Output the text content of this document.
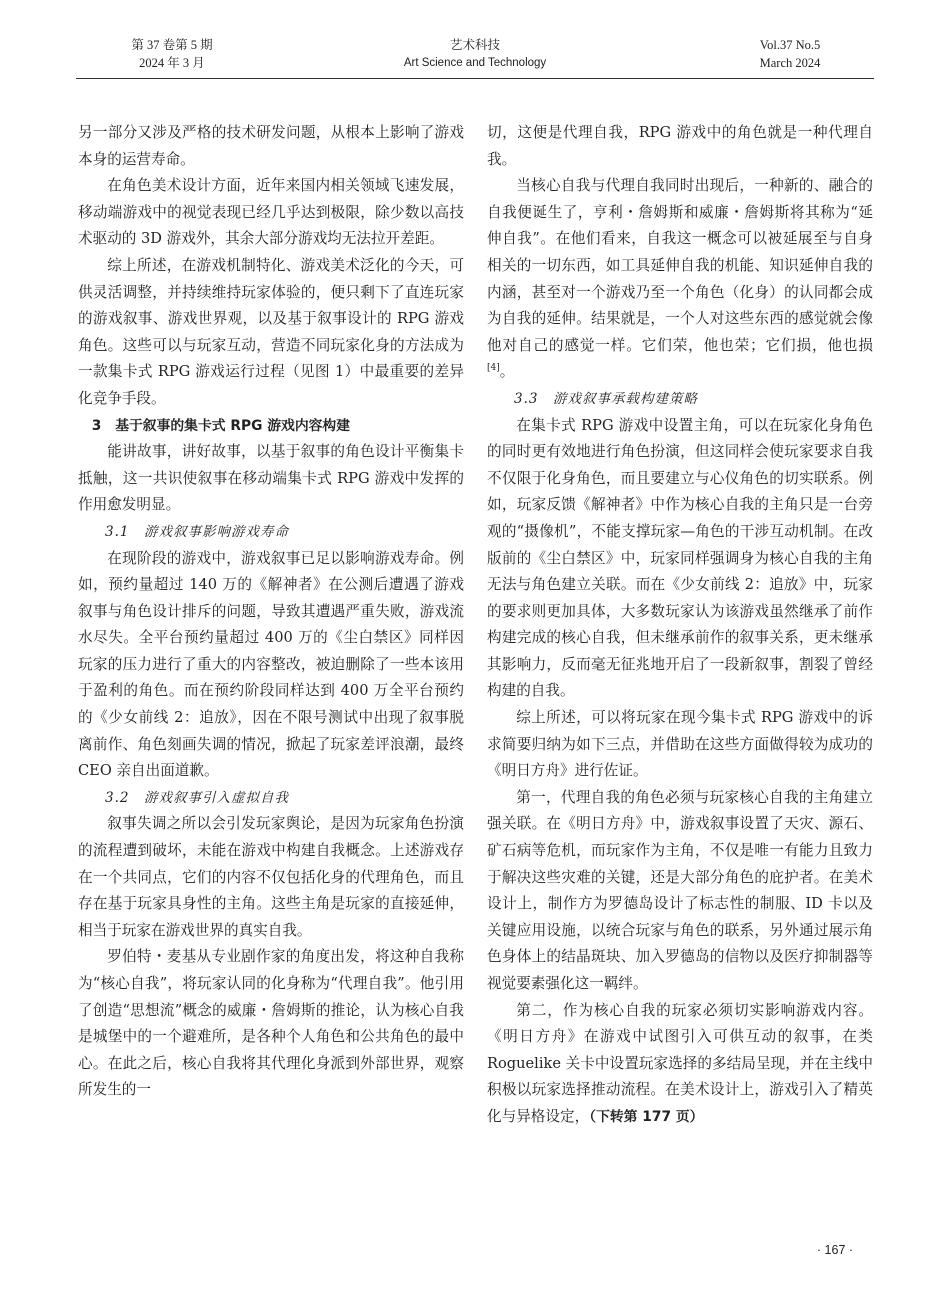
第 37 卷第 5 期
2024 年 3 月
艺术科技
Art Science and Technology
Vol.37 No.5
March 2024

另一部分又涉及严格的技术研发问题，从根本上影响了游戏本身的运营寿命。

在角色美术设计方面，近年来国内相关领域飞速发展，移动端游戏中的视觉表现已经几乎达到极限，除少数以高技术驱动的 3D 游戏外，其余大部分游戏均无法拉开差距。

综上所述，在游戏机制特化、游戏美术泛化的今天，可供灵活调整，并持续维持玩家体验的，便只剩下了直连玩家的游戏叙事、游戏世界观，以及基于叙事设计的 RPG 游戏角色。这些可以与玩家互动，营造不同玩家化身的方法成为一款集卡式 RPG 游戏运行过程（见图 1）中最重要的差异化竞争手段。

3　基于叙事的集卡式 RPG 游戏内容构建

能讲故事，讲好故事，以基于叙事的角色设计平衡集卡抵触，这一共识使叙事在移动端集卡式 RPG 游戏中发挥的作用愈发明显。

3.1　游戏叙事影响游戏寿命

在现阶段的游戏中，游戏叙事已足以影响游戏寿命。例如，预约量超过 140 万的《解神者》在公测后遭遇了游戏叙事与角色设计排斥的问题，导致其遭遇严重失败，游戏流水尽失。全平台预约量超过 400 万的《尘白禁区》同样因玩家的压力进行了重大的内容整改，被迫删除了一些本该用于盈利的角色。而在预约阶段同样达到 400 万全平台预约的《少女前线 2：追放》，因在不限号测试中出现了叙事脱离前作、角色刻画失调的情况，掀起了玩家差评浪潮，最终 CEO 亲自出面道歉。

3.2　游戏叙事引入虚拟自我

叙事失调之所以会引发玩家舆论，是因为玩家角色扮演的流程遭到破坏，未能在游戏中构建自我概念。上述游戏存在一个共同点，它们的内容不仅包括化身的代理角色，而且存在基于玩家具身性的主角。这些主角是玩家的直接延伸，相当于玩家在游戏世界的真实自我。

罗伯特・麦基从专业剧作家的角度出发，将这种自我称为“核心自我”，将玩家认同的化身称为“代理自我”。他引用了创造“思想流”概念的威廉・詹姆斯的推论，认为核心自我是城堡中的一个避难所，是各种个人角色和公共角色的最中心。在此之后，核心自我将其代理化身派到外部世界，观察所发生的一

切，这便是代理自我，RPG 游戏中的角色就是一种代理自我。

当核心自我与代理自我同时出现后，一种新的、融合的自我便诞生了，亨利・詹姆斯和威廉・詹姆斯将其称为“延伸自我”。在他们看来，自我这一概念可以被延展至与自身相关的一切东西，如工具延伸自我的机能、知识延伸自我的内涵，甚至对一个游戏乃至一个角色（化身）的认同都会成为自我的延伸。结果就是，一个人对这些东西的感觉就会像他对自己的感觉一样。它们荣，他也荣；它们损，他也损[4]。

3.3　游戏叙事承载构建策略

在集卡式 RPG 游戏中设置主角，可以在玩家化身角色的同时更有效地进行角色扮演，但这同样会使玩家要求自我不仅限于化身角色，而且要建立与心仪角色的切实联系。例如，玩家反馈《解神者》中作为核心自我的主角只是一台旁观的“摄像机”，不能支撑玩家—角色的干涉互动机制。在改版前的《尘白禁区》中，玩家同样强调身为核心自我的主角无法与角色建立关联。而在《少女前线 2：追放》中，玩家的要求则更加具体，大多数玩家认为该游戏虽然继承了前作构建完成的核心自我，但未继承前作的叙事关系，更未继承其影响力，反而毫无征兆地开启了一段新叙事，割裂了曾经构建的自我。

综上所述，可以将玩家在现今集卡式 RPG 游戏中的诉求简要归纳为如下三点，并借助在这些方面做得较为成功的《明日方舟》进行佐证。

第一，代理自我的角色必须与玩家核心自我的主角建立强关联。在《明日方舟》中，游戏叙事设置了天灾、源石、矿石病等危机，而玩家作为主角，不仅是唯一有能力且致力于解决这些灾难的关键，还是大部分角色的庇护者。在美术设计上，制作方为罗德岛设计了标志性的制服、ID 卡以及关键应用设施，以统合玩家与角色的联系，另外通过展示角色身体上的结晶斑块、加入罗德岛的信物以及医疗抑制器等视觉要素强化这一羁绊。

第二，作为核心自我的玩家必须切实影响游戏内容。《明日方舟》在游戏中试图引入可供互动的叙事，在类 Roguelike 关卡中设置玩家选择的多结局呈现，并在主线中积极以玩家选择推动流程。在美术设计上，游戏引入了精英化与异格设定，（下转第 177 页）

· 167 ·
